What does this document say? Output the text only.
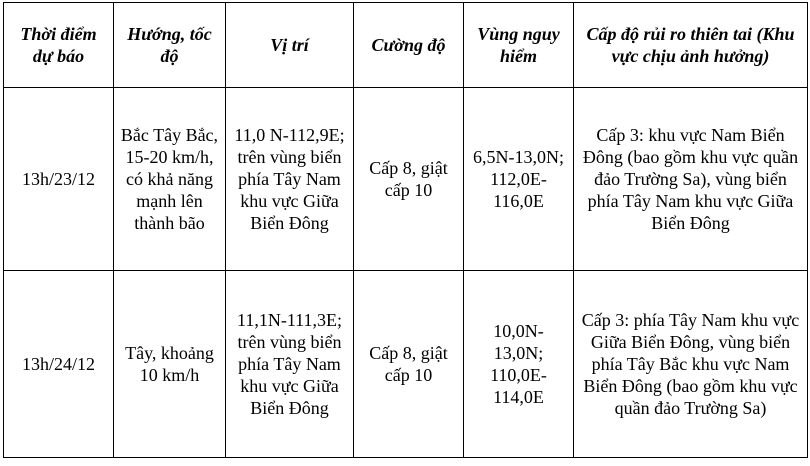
Thời điểm dự báo	Hướng, tốc độ	Vị trí	Cường độ	Vùng nguy hiểm	Cấp độ rủi ro thiên tai (Khu vực chịu ảnh hưởng)
13h/23/12	Bắc Tây Bắc, 15-20 km/h, có khả năng mạnh lên thành bão	11,0 N-112,9E; trên vùng biển phía Tây Nam khu vực Giữa Biển Đông	Cấp 8, giật cấp 10	6,5N-13,0N; 112,0E-116,0E	Cấp 3: khu vực Nam Biển Đông (bao gồm khu vực quần đảo Trường Sa), vùng biển phía Tây Nam khu vực Giữa Biển Đông
13h/24/12	Tây, khoảng 10 km/h	11,1N-111,3E; trên vùng biển phía Tây Nam khu vực Giữa Biển Đông	Cấp 8, giật cấp 10	10,0N-13,0N; 110,0E-114,0E	Cấp 3: phía Tây Nam khu vực Giữa Biển Đông, vùng biển phía Tây Bắc khu vực Nam Biển Đông (bao gồm khu vực quần đảo Trường Sa)
